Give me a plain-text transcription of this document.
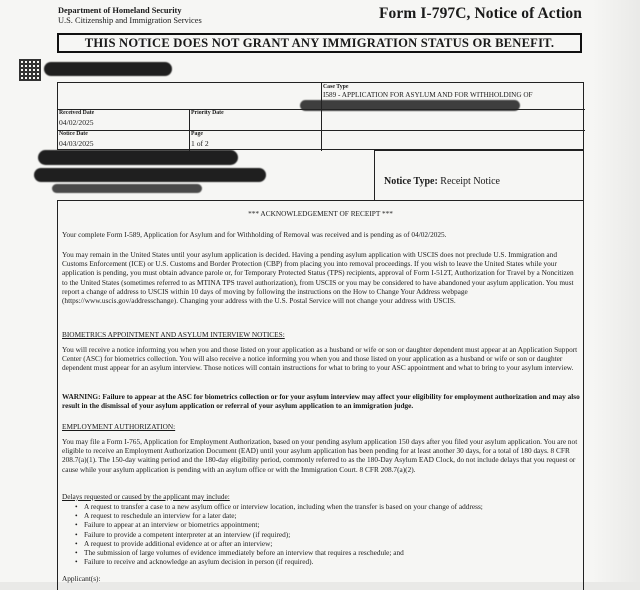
Department of Homeland Security
U.S. Citizenship and Immigration Services	Form I-797C, Notice of Action
THIS NOTICE DOES NOT GRANT ANY IMMIGRATION STATUS OR BENEFIT.
Case Type
I589 - APPLICATION FOR ASYLUM AND FOR WITHHOLDING OF
Received Date
04/02/2025
Priority Date
Notice Date
04/03/2025
Page
1 of 2
Notice Type: Receipt Notice
*** ACKNOWLEDGEMENT OF RECEIPT ***
Your complete Form I-589, Application for Asylum and for Withholding of Removal was received and is pending as of 04/02/2025.
You may remain in the United States until your asylum application is decided. Having a pending asylum application with USCIS does not preclude U.S. Immigration and Customs Enforcement (ICE) or U.S. Customs and Border Protection (CBP) from placing you into removal proceedings. If you wish to leave the United States while your application is pending, you must obtain advance parole or, for Temporary Protected Status (TPS) recipients, approval of Form I-512T, Authorization for Travel by a Noncitizen to the United States (sometimes referred to as MTINA TPS travel authorization), from USCIS or you may be considered to have abandoned your asylum application. You must report a change of address to USCIS within 10 days of moving by following the instructions on the How to Change Your Address webpage (https://www.uscis.gov/addresschange). Changing your address with the U.S. Postal Service will not change your address with USCIS.
BIOMETRICS APPOINTMENT AND ASYLUM INTERVIEW NOTICES:
You will receive a notice informing you when you and those listed on your application as a husband or wife or son or daughter dependent must appear at an Application Support Center (ASC) for biometrics collection. You will also receive a notice informing you when you and those listed on your application as a husband or wife or son or daughter dependent must appear for an asylum interview. Those notices will contain instructions for what to bring to your ASC appointment and what to bring to your asylum interview.
WARNING: Failure to appear at the ASC for biometrics collection or for your asylum interview may affect your eligibility for employment authorization and may also result in the dismissal of your asylum application or referral of your asylum application to an immigration judge.
EMPLOYMENT AUTHORIZATION:
You may file a Form I-765, Application for Employment Authorization, based on your pending asylum application 150 days after you filed your asylum application. You are not eligible to receive an Employment Authorization Document (EAD) until your asylum application has been pending for at least another 30 days, for a total of 180 days. 8 CFR 208.7(a)(1). The 150-day waiting period and the 180-day eligibility period, commonly referred to as the 180-Day Asylum EAD Clock, do not include delays that you request or cause while your asylum application is pending with an asylum office or with the Immigration Court. 8 CFR 208.7(a)(2).
Delays requested or caused by the applicant may include:
• A request to transfer a case to a new asylum office or interview location, including when the transfer is based on your change of address;
• A request to reschedule an interview for a later date;
• Failure to appear at an interview or biometrics appointment;
• Failure to provide a competent interpreter at an interview (if required);
• A request to provide additional evidence at or after an interview;
• The submission of large volumes of evidence immediately before an interview that requires a reschedule; and
• Failure to receive and acknowledge an asylum decision in person (if required).
Applicant(s):
